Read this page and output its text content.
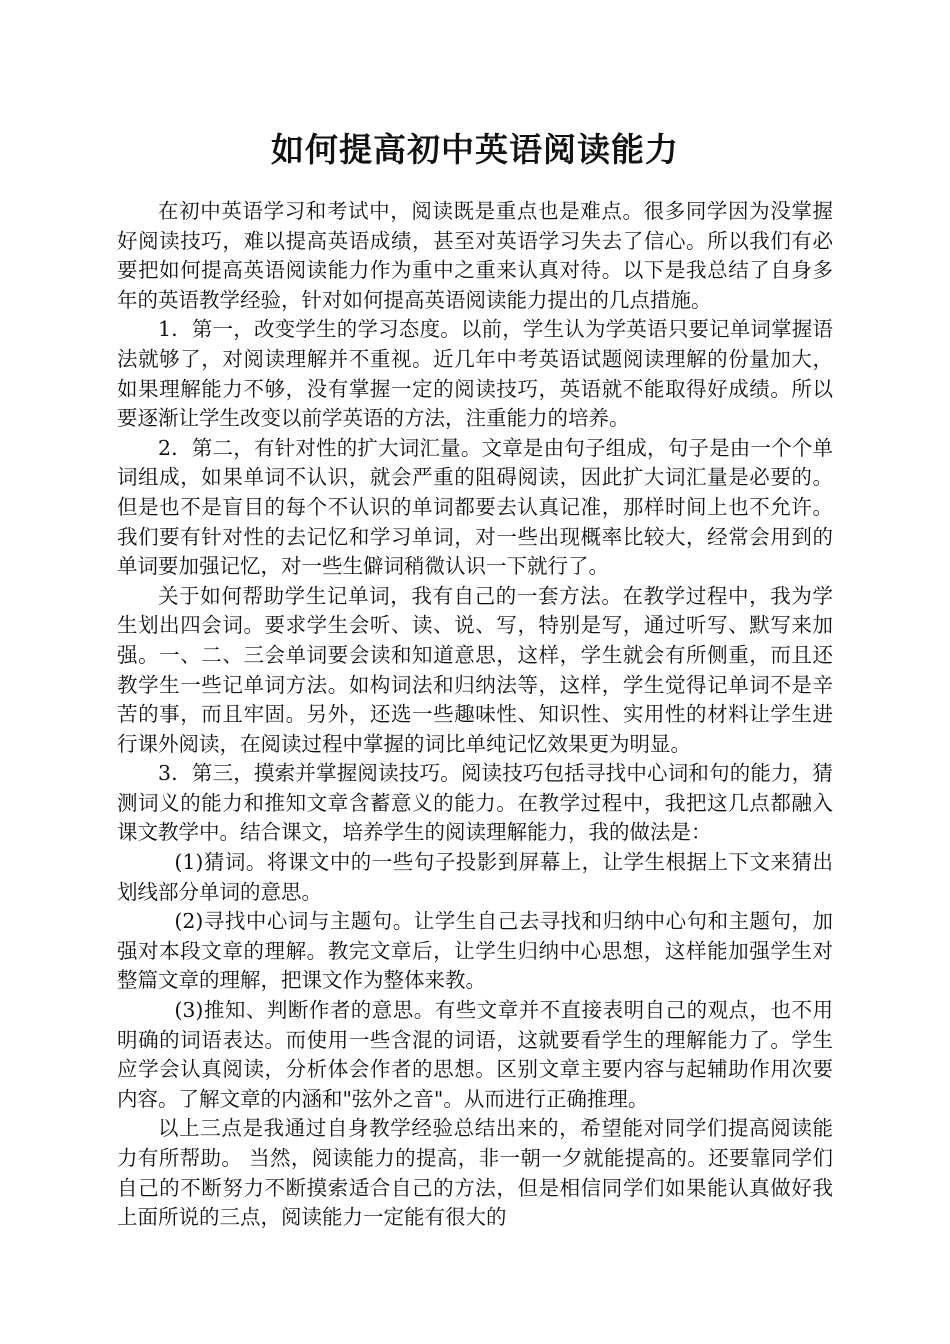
如何提高初中英语阅读能力

在初中英语学习和考试中，阅读既是重点也是难点。很多同学因为没掌握好阅读技巧，难以提高英语成绩，甚至对英语学习失去了信心。所以我们有必要把如何提高英语阅读能力作为重中之重来认真对待。以下是我总结了自身多年的英语教学经验，针对如何提高英语阅读能力提出的几点措施。

1．第一，改变学生的学习态度。以前，学生认为学英语只要记单词掌握语法就够了，对阅读理解并不重视。近几年中考英语试题阅读理解的份量加大，如果理解能力不够，没有掌握一定的阅读技巧，英语就不能取得好成绩。所以要逐渐让学生改变以前学英语的方法，注重能力的培养。

2．第二，有针对性的扩大词汇量。文章是由句子组成，句子是由一个个单词组成，如果单词不认识，就会严重的阻碍阅读，因此扩大词汇量是必要的。但是也不是盲目的每个不认识的单词都要去认真记准，那样时间上也不允许。我们要有针对性的去记忆和学习单词，对一些出现概率比较大，经常会用到的单词要加强记忆，对一些生僻词稍微认识一下就行了。

关于如何帮助学生记单词，我有自己的一套方法。在教学过程中，我为学生划出四会词。要求学生会听、读、说、写，特别是写，通过听写、默写来加强。一、二、三会单词要会读和知道意思，这样，学生就会有所侧重，而且还教学生一些记单词方法。如构词法和归纳法等，这样，学生觉得记单词不是辛苦的事，而且牢固。另外，还选一些趣味性、知识性、实用性的材料让学生进行课外阅读，在阅读过程中掌握的词比单纯记忆效果更为明显。

3．第三，摸索并掌握阅读技巧。阅读技巧包括寻找中心词和句的能力，猜测词义的能力和推知文章含蓄意义的能力。在教学过程中，我把这几点都融入课文教学中。结合课文，培养学生的阅读理解能力，我的做法是：

(1)猜词。将课文中的一些句子投影到屏幕上，让学生根据上下文来猜出划线部分单词的意思。

(2)寻找中心词与主题句。让学生自己去寻找和归纳中心句和主题句，加强对本段文章的理解。教完文章后，让学生归纳中心思想，这样能加强学生对整篇文章的理解，把课文作为整体来教。

(3)推知、判断作者的意思。有些文章并不直接表明自己的观点，也不用明确的词语表达。而使用一些含混的词语，这就要看学生的理解能力了。学生应学会认真阅读，分析体会作者的思想。区别文章主要内容与起辅助作用次要内容。了解文章的内涵和"弦外之音"。从而进行正确推理。

以上三点是我通过自身教学经验总结出来的，希望能对同学们提高阅读能力有所帮助。 当然，阅读能力的提高，非一朝一夕就能提高的。还要靠同学们自己的不断努力不断摸索适合自己的方法，但是相信同学们如果能认真做好我上面所说的三点，阅读能力一定能有很大的
